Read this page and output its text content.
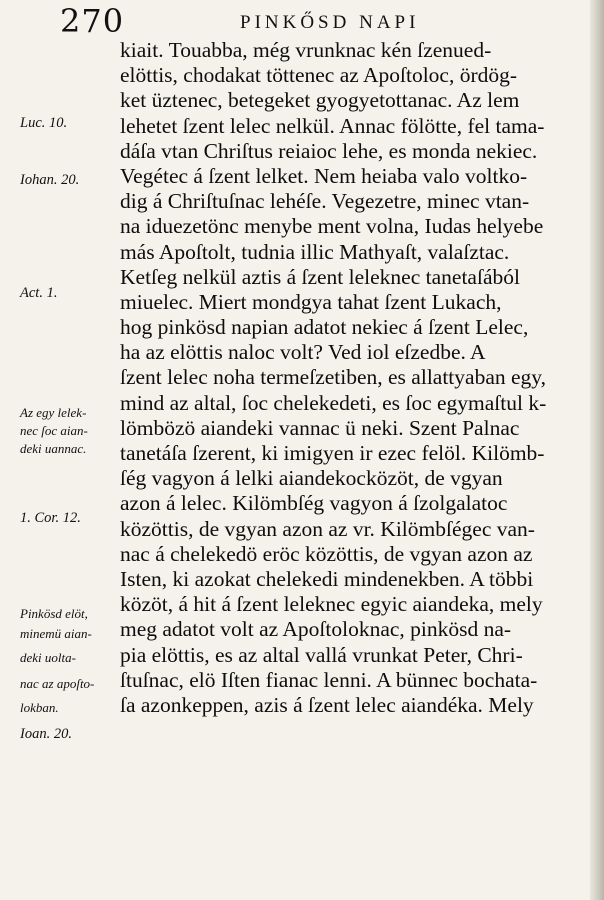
270	PINKŐSD NAPI
Luc. 10.
Iohan. 20.
Act. 1.
Az egy lelek-
nec ſoc aian-
deki uannac.
1. Cor. 12.
Pinkösd elöt,
minemü aian-
deki uolta-
nac az apoſto-
lokban.
Ioan. 20.
kiait. Touabba, még vrunknac kén ſzenued-
elöttis, chodakat töttenec az Apoſtoloc, ördög-
ket üztenec, betegeket gyogyetottanac. Az lem
lehetet ſzent lelec nelkül. Annac fölötte, fel tama-
dáſa vtan Chriſtus reiaioc lehe, es monda nekiec.
Vegétec á ſzent lelket. Nem heiaba valo voltko-
dig á Chriſtuſnac lehéſe. Vegezetre, minec vtan-
na iduezetönc menybe ment volna, Iudas helyebe
más Apoſtolt, tudnia illic Mathyaſt, valaſztac.
Ketſeg nelkül aztis á ſzent leleknec tanetaſából
miuelec. Miert mondgya tahat ſzent Lukach,
hog pinkösd napian adatot nekiec á ſzent Lelec,
ha az elöttis naloc volt? Ved iol eſzedbe. A
ſzent lelec noha termeſzetiben, es allattyaban egy,
mind az altal, ſoc chelekedeti, es ſoc egymaſtul k-
lömbözö aiandeki vannac ü neki. Szent Palnac
tanetáſa ſzerent, ki imigyen ir ezec felöl. Kilömb-
ſég vagyon á lelki aiandekocközöt, de vgyan
azon á lelec. Kilömbſég vagyon á ſzolgalatoc
közöttis, de vgyan azon az vr. Kilömbſégec van-
nac á chelekedö eröc közöttis, de vgyan azon az
Isten, ki azokat chelekedi mindenekben. A többi
közöt, á hit á ſzent leleknec egyic aiandeka, mely
meg adatot volt az Apoſtoloknac, pinkösd na-
pia elöttis, es az altal vallá vrunkat Peter, Chri-
ſtuſnac, elö Iſten fianac lenni. A bünnec bochata-
ſa azonkeppen, azis á ſzent lelec aiandéka. Mely
